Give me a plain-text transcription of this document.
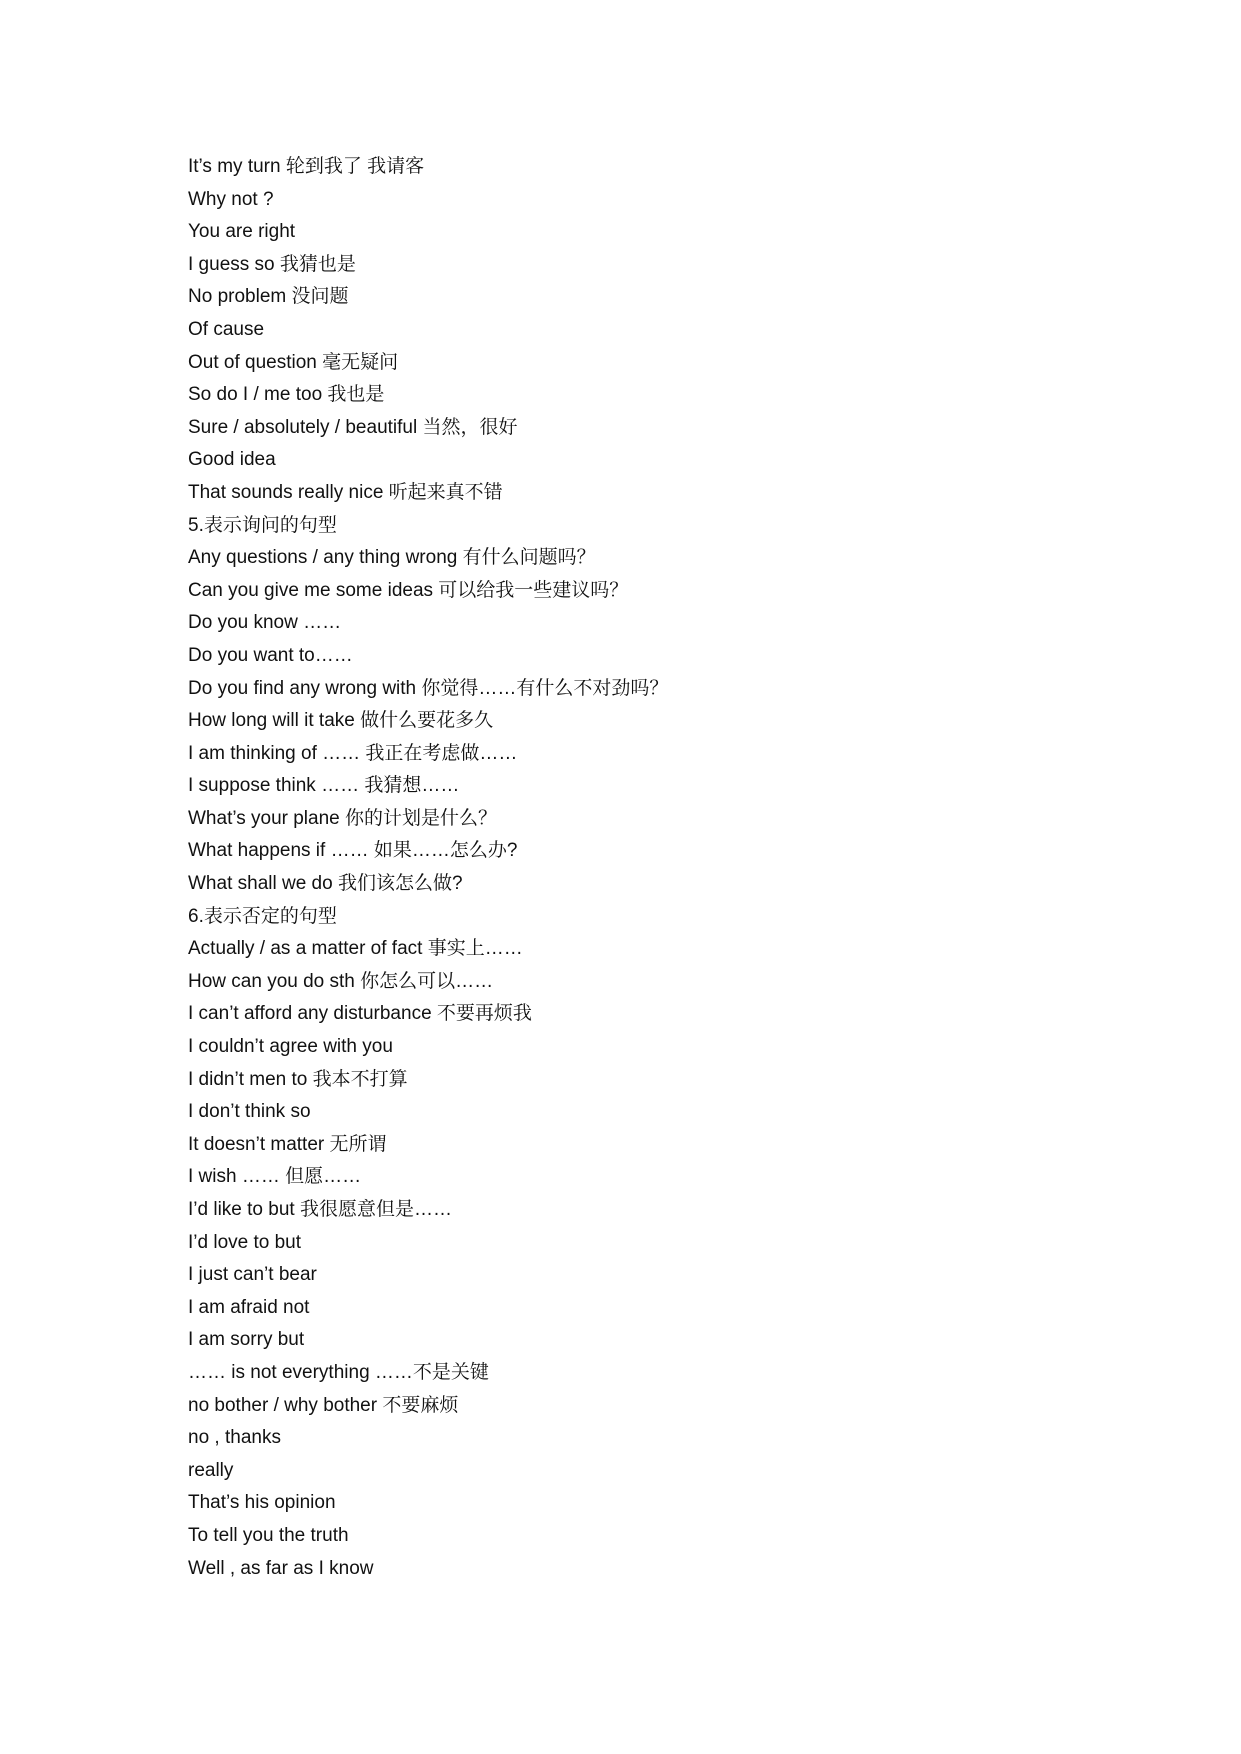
It’s my turn 轮到我了 我请客
Why not ?
You are right
I guess so 我猜也是
No problem 没问题
Of cause
Out of question 毫无疑问
So do I / me too 我也是
Sure / absolutely / beautiful 当然，很好
Good idea
That sounds really nice 听起来真不错
5.表示询问的句型
Any questions / any thing wrong 有什么问题吗？
Can you give me some ideas 可以给我一些建议吗？
Do you know ……
Do you want to……
Do you find any wrong with 你觉得……有什么不对劲吗？
How long will it take 做什么要花多久
I am thinking of …… 我正在考虑做……
I suppose think …… 我猜想……
What’s your plane 你的计划是什么？
What happens if …… 如果……怎么办?
What shall we do 我们该怎么做?
6.表示否定的句型
Actually / as a matter of fact 事实上……
How can you do sth 你怎么可以……
I can’t afford any disturbance 不要再烦我
I couldn’t agree with you
I didn’t men to 我本不打算
I don’t think so
It doesn’t matter 无所谓
I wish …… 但愿……
I’d like to but 我很愿意但是……
I’d love to but
I just can’t bear
I am afraid not
I am sorry but
…… is not everything ……不是关键
no bother / why bother 不要麻烦
no , thanks
really
That’s his opinion
To tell you the truth
Well , as far as I know
